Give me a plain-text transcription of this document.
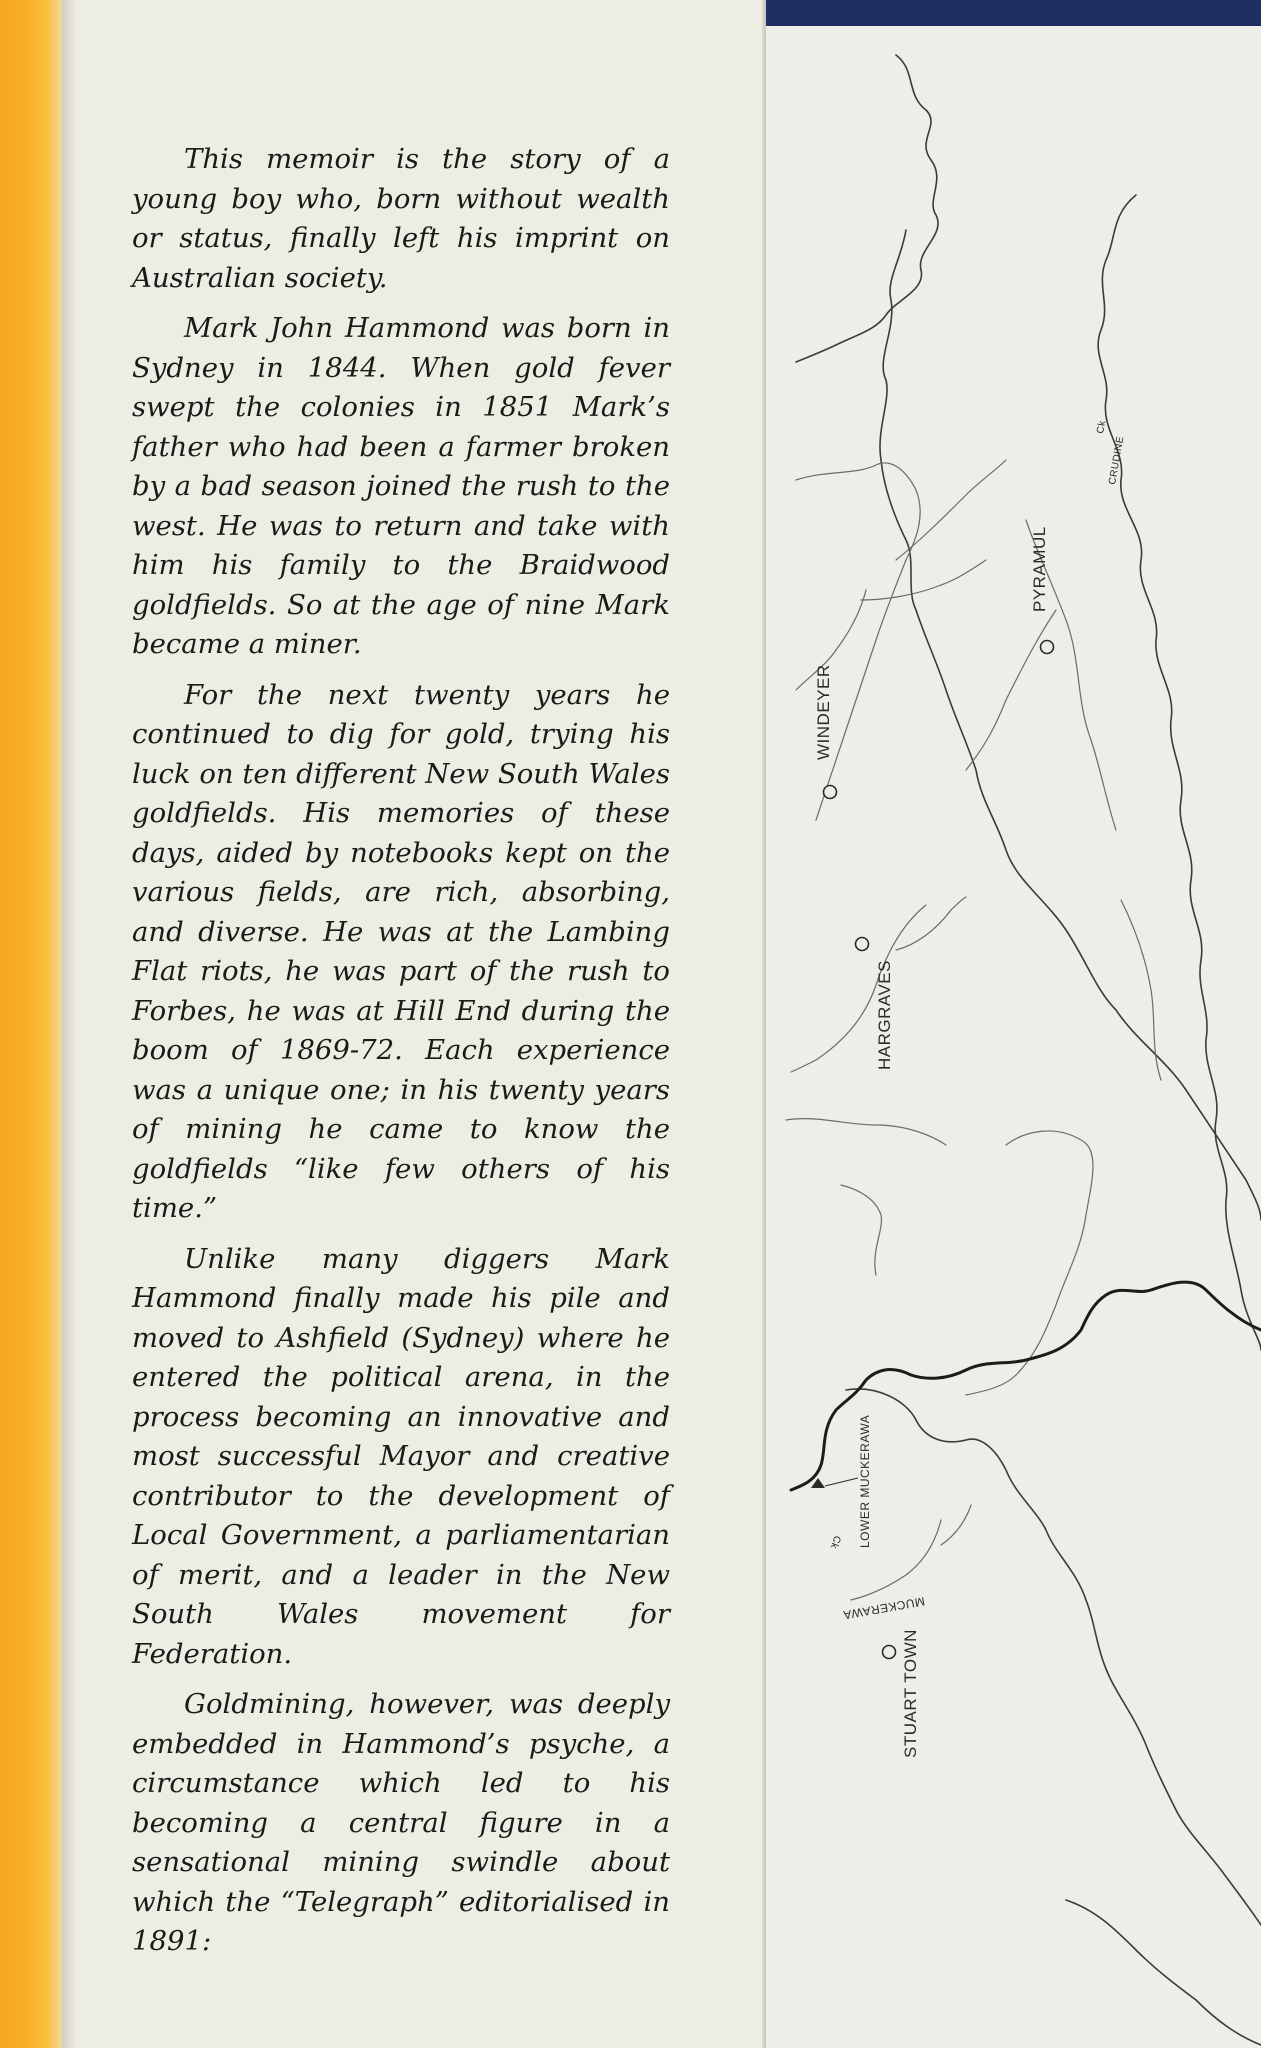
This memoir is the story of a young boy who, born without wealth or status, finally left his imprint on Australian society.

Mark John Hammond was born in Sydney in 1844. When gold fever swept the colonies in 1851 Mark’s father who had been a farmer broken by a bad season joined the rush to the west. He was to return and take with him his family to the Braidwood goldfields. So at the age of nine Mark became a miner.

For the next twenty years he continued to dig for gold, trying his luck on ten different New South Wales goldfields. His memories of these days, aided by notebooks kept on the various fields, are rich, absorbing, and diverse. He was at the Lambing Flat riots, he was part of the rush to Forbes, he was at Hill End during the boom of 1869-72. Each experience was a unique one; in his twenty years of mining he came to know the goldfields “like few others of his time.”

Unlike many diggers Mark Hammond finally made his pile and moved to Ashfield (Sydney) where he entered the political arena, in the process becoming an innovative and most successful Mayor and creative contributor to the development of Local Government, a parliamentarian of merit, and a leader in the New South Wales movement for Federation.

Goldmining, however, was deeply embedded in Hammond’s psyche, a circumstance which led to his becoming a central figure in a sensational mining swindle about which the “Telegraph” editorialised in 1891:

PYRAMUL
WINDEYER
HARGRAVES
LOWER MUCKERAWA
MUCKERAWA
Ck
STUART TOWN
CRUDINE
Ck
